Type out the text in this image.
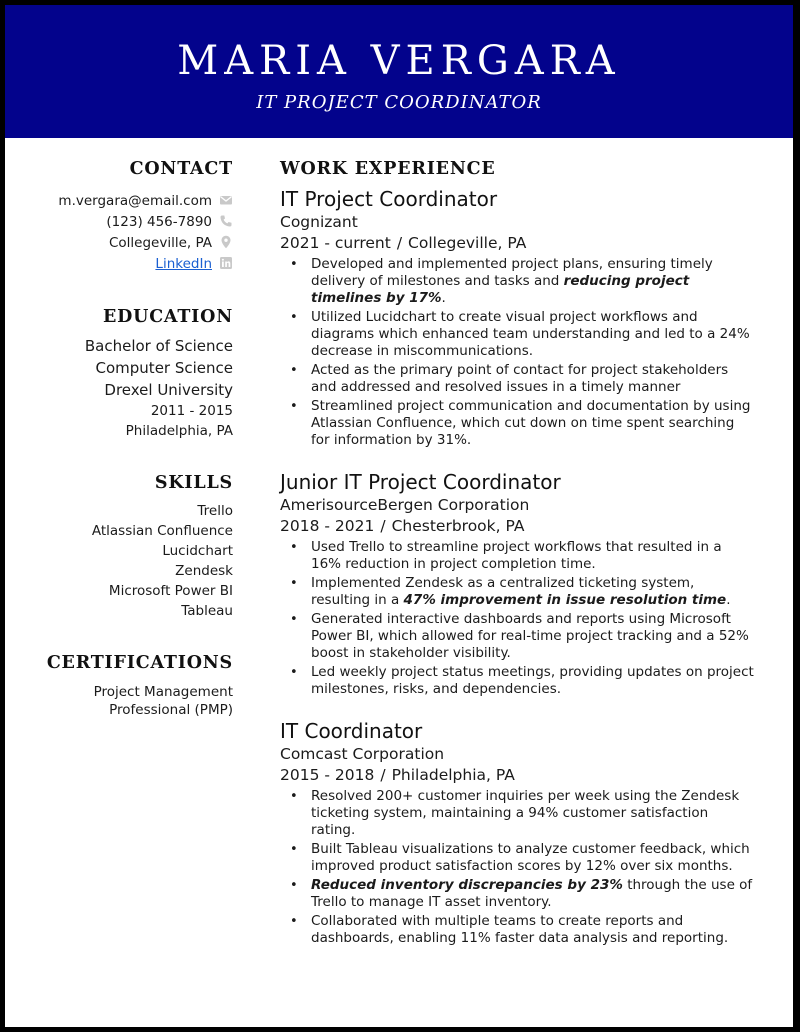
MARIA VERGARA
IT PROJECT COORDINATOR
CONTACT
m.vergara@email.com
(123) 456-7890
Collegeville, PA
LinkedIn
EDUCATION
Bachelor of Science
Computer Science
Drexel University
2011 - 2015
Philadelphia, PA
SKILLS
Trello
Atlassian Confluence
Lucidchart
Zendesk
Microsoft Power BI
Tableau
CERTIFICATIONS
Project Management
Professional (PMP)
WORK EXPERIENCE
IT Project Coordinator
Cognizant
2021 - current / Collegeville, PA
• Developed and implemented project plans, ensuring timely delivery of milestones and tasks and reducing project timelines by 17%.
• Utilized Lucidchart to create visual project workflows and diagrams which enhanced team understanding and led to a 24% decrease in miscommunications.
• Acted as the primary point of contact for project stakeholders and addressed and resolved issues in a timely manner
• Streamlined project communication and documentation by using Atlassian Confluence, which cut down on time spent searching for information by 31%.
Junior IT Project Coordinator
AmerisourceBergen Corporation
2018 - 2021 / Chesterbrook, PA
• Used Trello to streamline project workflows that resulted in a 16% reduction in project completion time.
• Implemented Zendesk as a centralized ticketing system, resulting in a 47% improvement in issue resolution time.
• Generated interactive dashboards and reports using Microsoft Power BI, which allowed for real-time project tracking and a 52% boost in stakeholder visibility.
• Led weekly project status meetings, providing updates on project milestones, risks, and dependencies.
IT Coordinator
Comcast Corporation
2015 - 2018 / Philadelphia, PA
• Resolved 200+ customer inquiries per week using the Zendesk ticketing system, maintaining a 94% customer satisfaction rating.
• Built Tableau visualizations to analyze customer feedback, which improved product satisfaction scores by 12% over six months.
• Reduced inventory discrepancies by 23% through the use of Trello to manage IT asset inventory.
• Collaborated with multiple teams to create reports and dashboards, enabling 11% faster data analysis and reporting.
